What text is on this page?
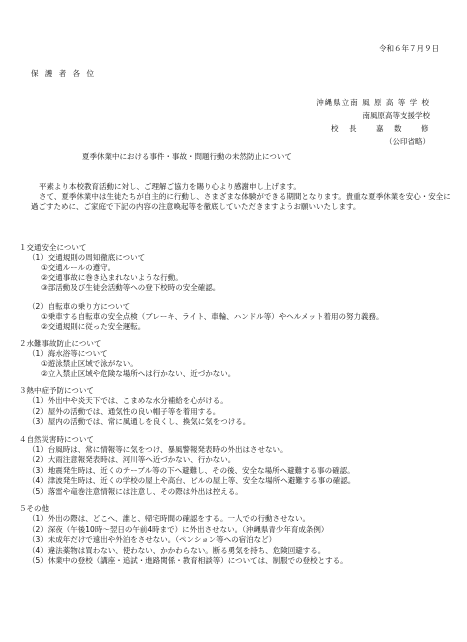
令和６年７月９日
保 護 者 各 位
沖縄県立南 風 原 高 等 学 校
南風原高等支援学校
校　長　　嘉　数　　修
（公印省略）
夏季休業中における事件・事故・問題行動の未然防止について

平素より本校教育活動に対し、ご理解ご協力を賜り心より感謝申し上げます。

さて、夏季休業中は生徒たちが自主的に行動し、さまざまな体験ができる期間となります。貴重な夏季休業を安心・安全に過ごすために、ご家庭で下記の内容の注意喚起等を徹底していただきますようお願いいたします。

１交通安全について
（1）交通規則の周知徹底について
①交通ルールの遵守。
②交通事故に巻き込まれないような行動。
③部活動及び生徒会活動等への登下校時の安全確認。
（2）自転車の乗り方について
①乗車する自転車の安全点検（ブレーキ、ライト、車輪、ハンドル等）やヘルメット着用の努力義務。
②交通規則に従った安全運転。
２水難事故防止について
（1）海水浴等について
①遊泳禁止区域で泳がない。
②立入禁止区域や危険な場所へは行かない、近づかない。
３熱中症予防について
（1）外出中や炎天下では、こまめな水分補給を心がける。
（2）屋外の活動では、通気性の良い帽子等を着用する。
（3）屋内の活動では、常に風通しを良くし、換気に気をつける。
４自然災害時について
（1）台風時は、常に情報等に気をつけ、暴風警報発表時の外出はさせない。
（2）大雨注意報発表時は、河川等へ近づかない、行かない。
（3）地震発生時は、近くのテーブル等の下へ避難し、その後、安全な場所へ避難する事の確認。
（4）津波発生時は、近くの学校の屋上や高台、ビルの屋上等、安全な場所へ避難する事の確認。
（5）落雷や竜巻注意情報には注意し、その際は外出は控える。
５その他
（1）外出の際は、どこへ、誰と、帰宅時間の確認をする。一人での行動させない。
（2）深夜（午後10時〜翌日の午前4時まで）に外出させない。（沖縄県青少年育成条例）
（3）未成年だけで遠出や外泊をさせない。（ペンション等への宿泊など）
（4）違法薬物は買わない、使わない、かかわらない。断る勇気を持ち、危険回避する。
（5）休業中の登校（講座・追試・進路関係・教育相談等）については、制服での登校とする。
